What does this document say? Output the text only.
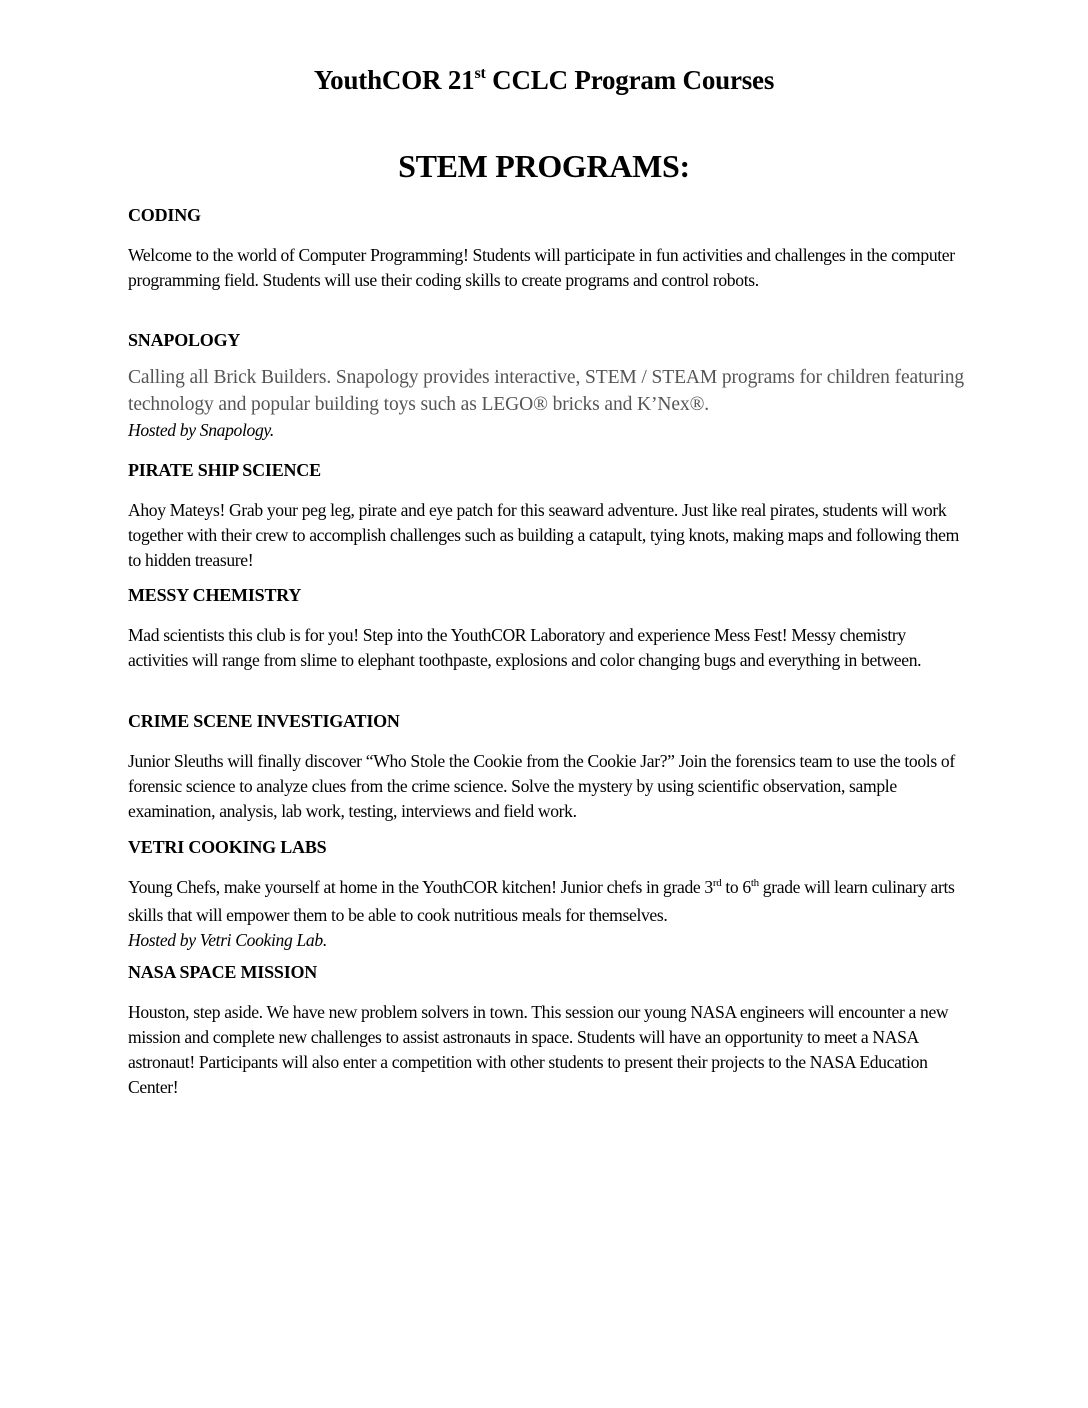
YouthCOR 21st CCLC Program Courses
STEM PROGRAMS:
CODING

Welcome to the world of Computer Programming! Students will participate in fun activities and challenges in the computer programming field. Students will use their coding skills to create programs and control robots.

SNAPOLOGY

Calling all Brick Builders. Snapology provides interactive, STEM / STEAM programs for children featuring technology and popular building toys such as LEGO® bricks and K’Nex®.
Hosted by Snapology.

PIRATE SHIP SCIENCE

Ahoy Mateys! Grab your peg leg, pirate and eye patch for this seaward adventure. Just like real pirates, students will work together with their crew to accomplish challenges such as building a catapult, tying knots, making maps and following them to hidden treasure!

MESSY CHEMISTRY

Mad scientists this club is for you! Step into the YouthCOR Laboratory and experience Mess Fest! Messy chemistry activities will range from slime to elephant toothpaste, explosions and color changing bugs and everything in between.

CRIME SCENE INVESTIGATION

Junior Sleuths will finally discover “Who Stole the Cookie from the Cookie Jar?” Join the forensics team to use the tools of forensic science to analyze clues from the crime science. Solve the mystery by using scientific observation, sample examination, analysis, lab work, testing, interviews and field work.

VETRI COOKING LABS

Young Chefs, make yourself at home in the YouthCOR kitchen! Junior chefs in grade 3rd to 6th grade will learn culinary arts skills that will empower them to be able to cook nutritious meals for themselves.
Hosted by Vetri Cooking Lab.

NASA SPACE MISSION

Houston, step aside. We have new problem solvers in town. This session our young NASA engineers will encounter a new mission and complete new challenges to assist astronauts in space. Students will have an opportunity to meet a NASA astronaut! Participants will also enter a competition with other students to present their projects to the NASA Education Center!
